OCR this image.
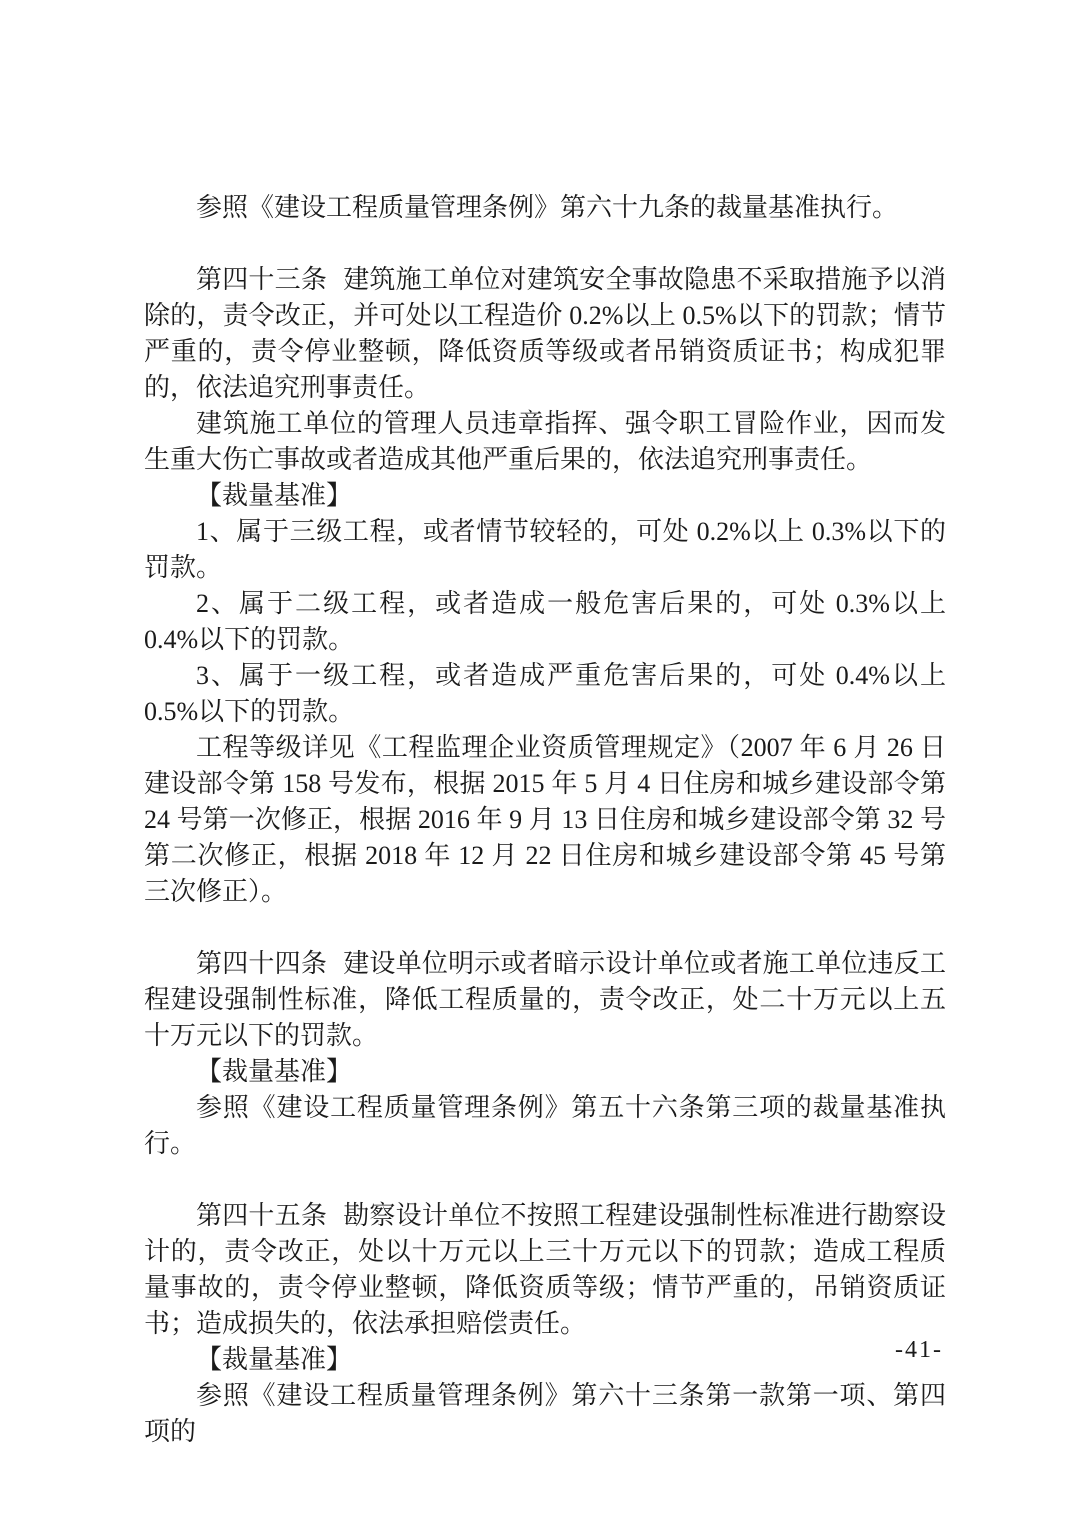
参照《建设工程质量管理条例》第六十九条的裁量基准执行。

第四十三条 建筑施工单位对建筑安全事故隐患不采取措施予以消除的，责令改正，并可处以工程造价 0.2%以上 0.5%以下的罚款；情节严重的，责令停业整顿，降低资质等级或者吊销资质证书；构成犯罪的，依法追究刑事责任。

建筑施工单位的管理人员违章指挥、强令职工冒险作业，因而发生重大伤亡事故或者造成其他严重后果的，依法追究刑事责任。

【裁量基准】

1、属于三级工程，或者情节较轻的，可处 0.2%以上 0.3%以下的罚款。

2、属于二级工程，或者造成一般危害后果的，可处 0.3%以上 0.4%以下的罚款。

3、属于一级工程，或者造成严重危害后果的，可处 0.4%以上 0.5%以下的罚款。

工程等级详见《工程监理企业资质管理规定》（2007 年 6 月 26 日建设部令第 158 号发布，根据 2015 年 5 月 4 日住房和城乡建设部令第 24 号第一次修正，根据 2016 年 9 月 13 日住房和城乡建设部令第 32 号第二次修正，根据 2018 年 12 月 22 日住房和城乡建设部令第 45 号第三次修正）。

第四十四条 建设单位明示或者暗示设计单位或者施工单位违反工程建设强制性标准，降低工程质量的，责令改正，处二十万元以上五十万元以下的罚款。

【裁量基准】

参照《建设工程质量管理条例》第五十六条第三项的裁量基准执行。

第四十五条 勘察设计单位不按照工程建设强制性标准进行勘察设计的，责令改正，处以十万元以上三十万元以下的罚款；造成工程质量事故的，责令停业整顿，降低资质等级；情节严重的，吊销资质证书；造成损失的，依法承担赔偿责任。

【裁量基准】

参照《建设工程质量管理条例》第六十三条第一款第一项、第四项的

-41-
